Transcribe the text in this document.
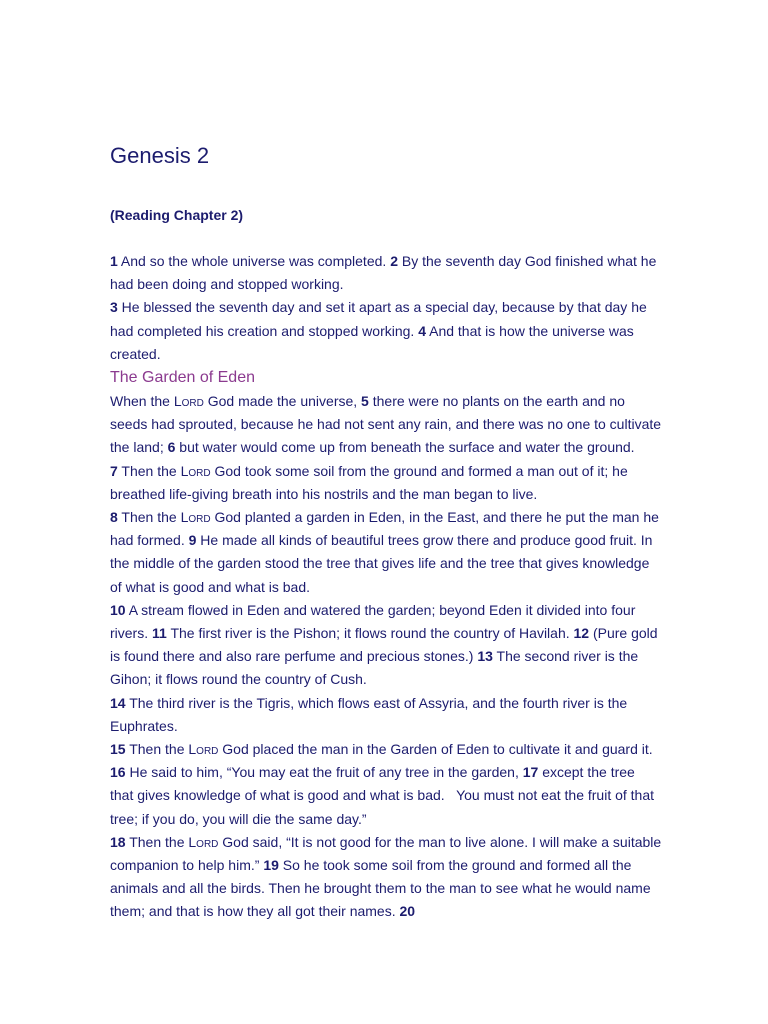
Genesis 2
(Reading Chapter 2)

1 And so the whole universe was completed. 2 By the seventh day God finished what he had been doing and stopped working.

3 He blessed the seventh day and set it apart as a special day, because by that day he had completed his creation and stopped working. 4 And that is how the universe was created.

The Garden of Eden

When the Lord God made the universe, 5 there were no plants on the earth and no seeds had sprouted, because he had not sent any rain, and there was no one to cultivate the land; 6 but water would come up from beneath the surface and water the ground.

7 Then the Lord God took some soil from the ground and formed a man out of it; he breathed life-giving breath into his nostrils and the man began to live.

8 Then the Lord God planted a garden in Eden, in the East, and there he put the man he had formed. 9 He made all kinds of beautiful trees grow there and produce good fruit. In the middle of the garden stood the tree that gives life and the tree that gives knowledge of what is good and what is bad.

10 A stream flowed in Eden and watered the garden; beyond Eden it divided into four rivers. 11 The first river is the Pishon; it flows round the country of Havilah. 12 (Pure gold is found there and also rare perfume and precious stones.) 13 The second river is the Gihon; it flows round the country of Cush.

14 The third river is the Tigris, which flows east of Assyria, and the fourth river is the Euphrates.

15 Then the Lord God placed the man in the Garden of Eden to cultivate it and guard it. 16 He said to him, “You may eat the fruit of any tree in the garden, 17 except the tree that gives knowledge of what is good and what is bad.   You must not eat the fruit of that tree; if you do, you will die the same day.”

18 Then the Lord God said, “It is not good for the man to live alone. I will make a suitable companion to help him.” 19 So he took some soil from the ground and formed all the animals and all the birds. Then he brought them to the man to see what he would name them; and that is how they all got their names. 20
